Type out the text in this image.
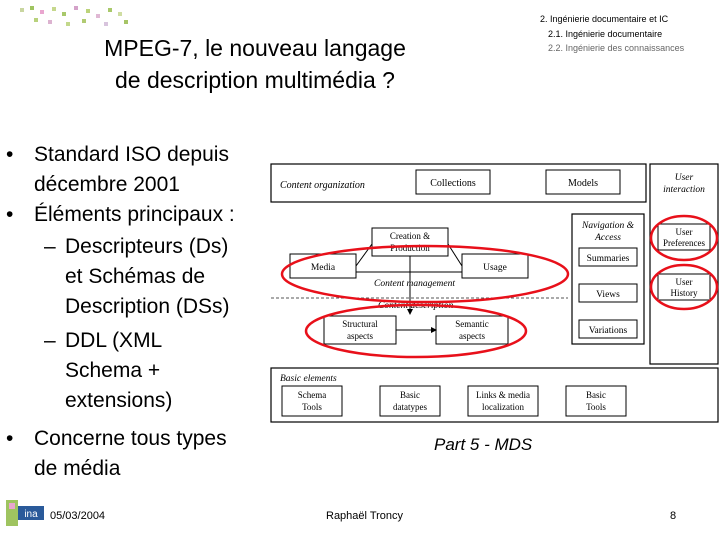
2. Ingénierie documentaire et IC
2.1. Ingénierie documentaire
2.2. Ingénierie des connaissances
MPEG-7, le nouveau langage
de description multimédia ?
• Standard ISO depuis
décembre 2001
• Éléments principaux :
– Descripteurs (Ds)
et Schémas de
Description (DSs)
– DDL (XML
Schema +
extensions)
• Concerne tous types
de média
Content organization	Collections	Models	User
interaction
User
Preferences
User
History
Navigation &
Access
Summaries
Views
Variations
Creation &
Production
Media	Usage
Content management
Content description
Structural
aspects
Semantic
aspects
Basic elements
Schema
Tools
Basic
datatypes
Links & media
localization
Basic
Tools
Part 5 - MDS
ina 05/03/2004	Raphaël Troncy	8
